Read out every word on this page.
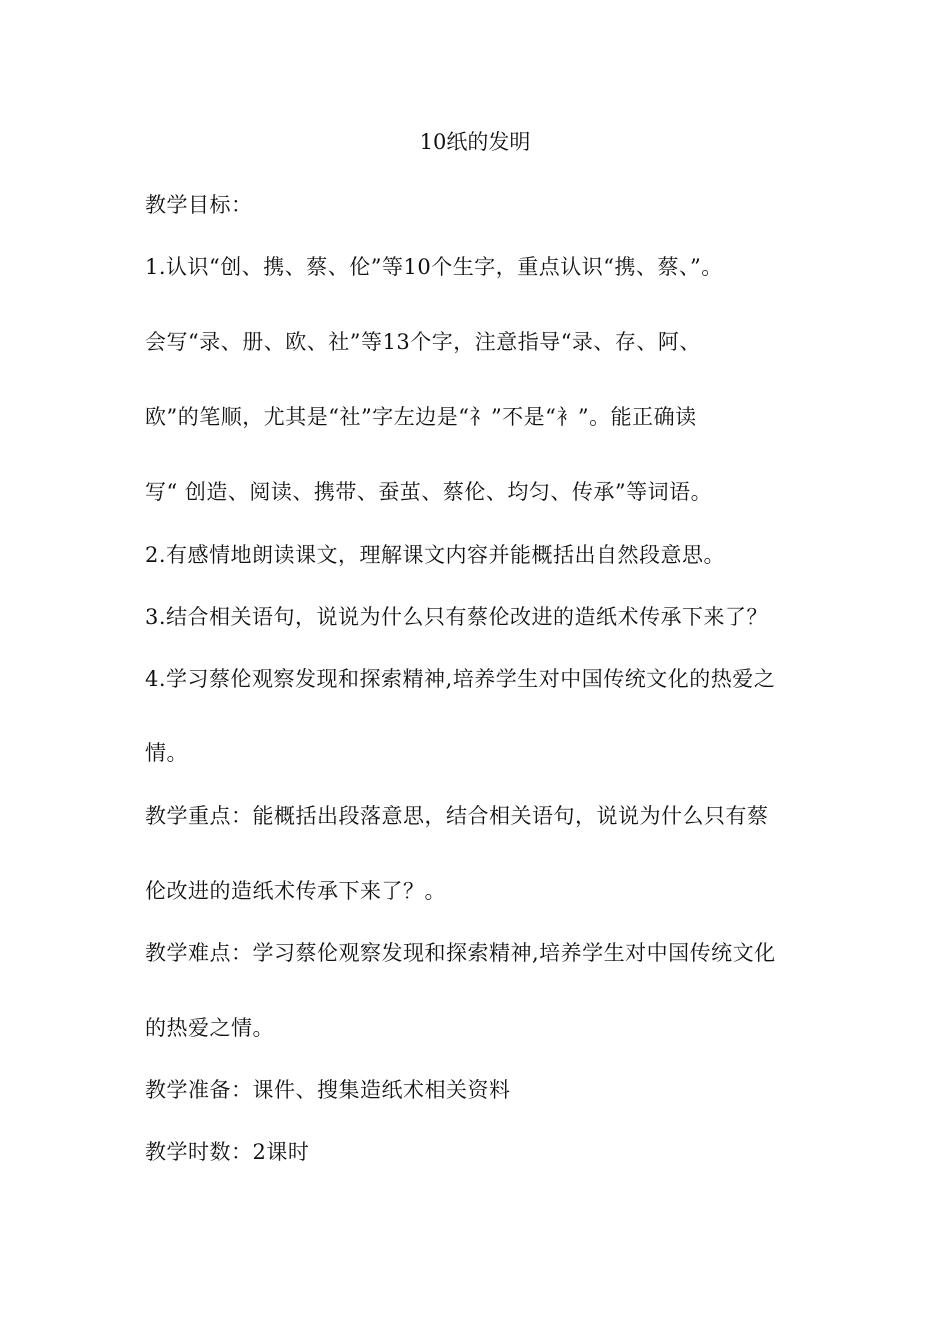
10纸的发明
教学目标：
1.认识“创、携、蔡、伦”等10个生字，重点认识“携、蔡、”。
会写“录、册、欧、社”等13个字，注意指导“录、存、阿、
欧”的笔顺，尤其是“社”字左边是“礻”不是“衤”。能正确读
写“ 创造、阅读、携带、蚕茧、蔡伦、均匀、传承”等词语。
2.有感情地朗读课文，理解课文内容并能概括出自然段意思。
3.结合相关语句，说说为什么只有蔡伦改进的造纸术传承下来了？
4.学习蔡伦观察发现和探索精神,培养学生对中国传统文化的热爱之
情。
教学重点：能概括出段落意思，结合相关语句，说说为什么只有蔡
伦改进的造纸术传承下来了？。
教学难点：学习蔡伦观察发现和探索精神,培养学生对中国传统文化
的热爱之情。
教学准备：课件、搜集造纸术相关资料
教学时数：2课时
